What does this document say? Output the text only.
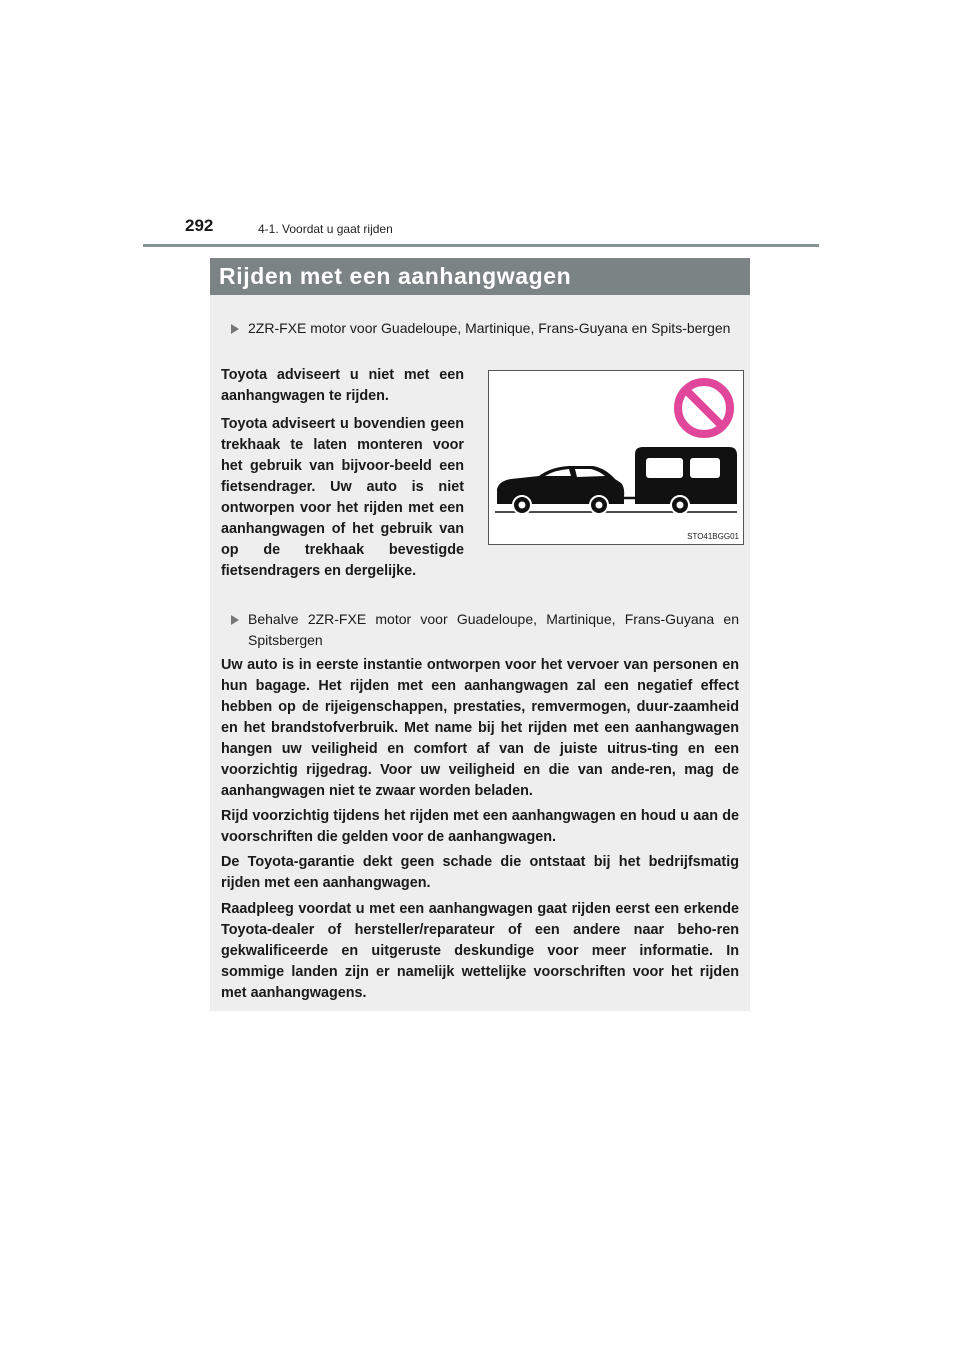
292	4-1. Voordat u gaat rijden
Rijden met een aanhangwagen
2ZR-FXE motor voor Guadeloupe, Martinique, Frans-Guyana en Spits-bergen

Toyota adviseert u niet met een aanhangwagen te rijden.

Toyota adviseert u bovendien geen trekhaak te laten monteren voor het gebruik van bijvoor-beeld een fietsendrager. Uw auto is niet ontworpen voor het rijden met een aanhangwagen of het gebruik van op de trekhaak bevestigde fietsendragers en dergelijke.

STO41BGG01
Behalve 2ZR-FXE motor voor Guadeloupe, Martinique, Frans-Guyana en Spitsbergen
Uw auto is in eerste instantie ontworpen voor het vervoer van personen en hun bagage. Het rijden met een aanhangwagen zal een negatief effect hebben op de rijeigenschappen, prestaties, remvermogen, duur-zaamheid en het brandstofverbruik. Met name bij het rijden met een aanhangwagen hangen uw veiligheid en comfort af van de juiste uitrus-ting en een voorzichtig rijgedrag. Voor uw veiligheid en die van ande-ren, mag de aanhangwagen niet te zwaar worden beladen.
Rijd voorzichtig tijdens het rijden met een aanhangwagen en houd u aan de voorschriften die gelden voor de aanhangwagen.
De Toyota-garantie dekt geen schade die ontstaat bij het bedrijfsmatig rijden met een aanhangwagen.
Raadpleeg voordat u met een aanhangwagen gaat rijden eerst een erkende Toyota-dealer of hersteller/reparateur of een andere naar beho-ren gekwalificeerde en uitgeruste deskundige voor meer informatie. In sommige landen zijn er namelijk wettelijke voorschriften voor het rijden met aanhangwagens.
